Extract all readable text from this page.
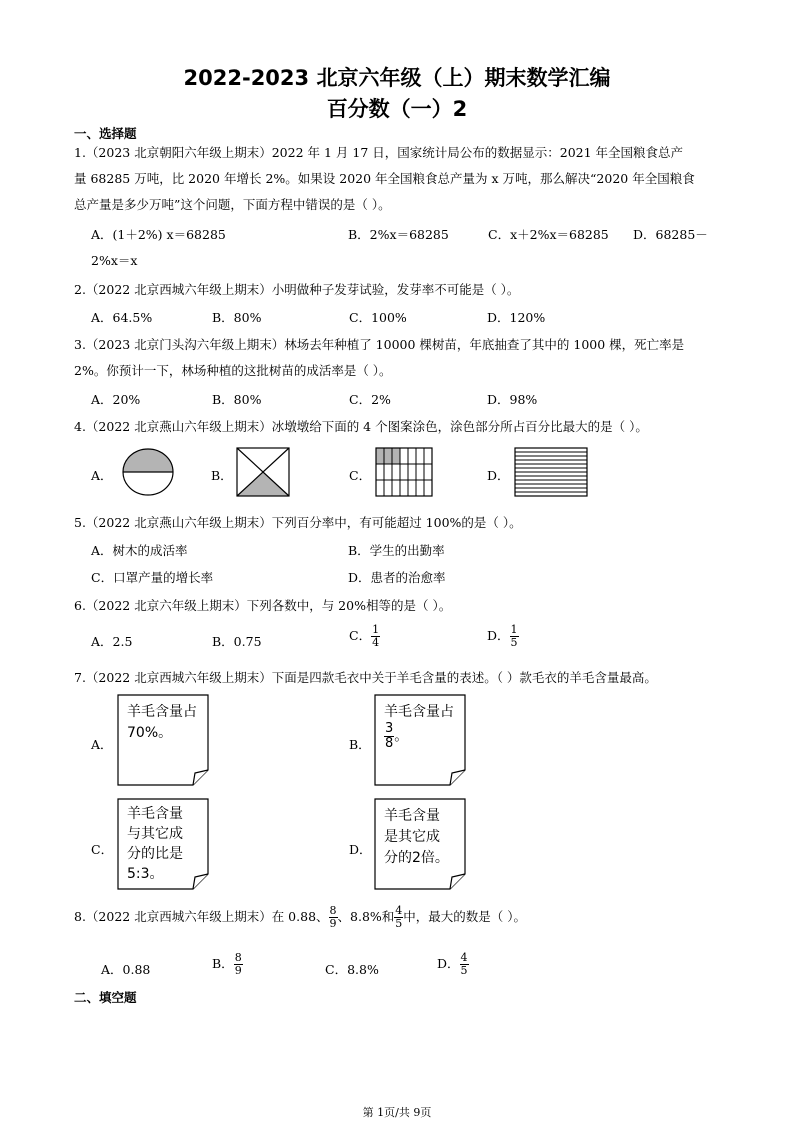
2022-2023 北京六年级（上）期末数学汇编
百分数（一）2
一、选择题
1.（2023 北京朝阳六年级上期末）2022 年 1 月 17 日，国家统计局公布的数据显示：2021 年全国粮食总产
量 68285 万吨，比 2020 年增长 2%。如果设 2020 年全国粮食总产量为 x 万吨，那么解决“2020 年全国粮食
总产量是多少万吨”这个问题，下面方程中错误的是（ ）。
A．(1＋2%) x＝68285	B．2%x＝68285	C．x＋2%x＝68285 D．68285－
2%x＝x
2.（2022 北京西城六年级上期末）小明做种子发芽试验，发芽率不可能是（ ）。
A．64.5%	B．80%	C．100%	D．120%
3.（2023 北京门头沟六年级上期末）林场去年种植了 10000 棵树苗，年底抽查了其中的 1000 棵，死亡率是
2%。你预计一下，林场种植的这批树苗的成活率是（ ）。
A．20%	B．80%	C．2%	D．98%
4.（2022 北京燕山六年级上期末）冰墩墩给下面的 4 个图案涂色，涂色部分所占百分比最大的是（ ）。
A．	B．	C．	D．
5.（2022 北京燕山六年级上期末）下列百分率中，有可能超过 100%的是（ ）。
A．树木的成活率	B．学生的出勤率
C．口罩产量的增长率	D．患者的治愈率
6.（2022 北京六年级上期末）下列各数中，与 20%相等的是（ ）。
A．2.5	B．0.75	C． $\frac{1}{4}$	D． $\frac{1}{5}$
7.（2022 北京西城六年级上期末）下面是四款毛衣中关于羊毛含量的表述。（ ）款毛衣的羊毛含量最高。
A．
羊毛含量占70%。
B．
羊毛含量占
$\frac{3}{8}$ 。
C．
羊毛含量与其它成分的比是5:3。
D．
羊毛含量是其它成分的2倍。
8.（2022 北京西城六年级上期末）在 0.88、 $\frac{8}{9}$ 、8.8%和 $\frac{4}{5}$ 中，最大的数是（ ）。
A．0.88	B． $\frac{8}{9}$	C．8.8%	D． $\frac{4}{5}$
二、填空题
第 1页/共 9页
